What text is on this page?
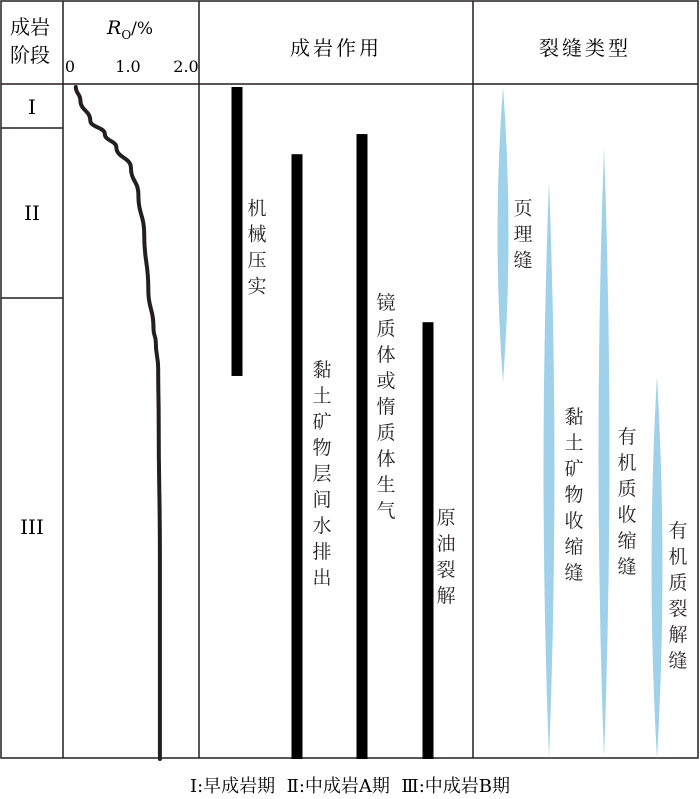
成岩
阶段
$R_O/\%$
0	1.0 2.0
成岩作用	裂缝类型
I
II
III
机
械
压
实
黏
土
矿
物
层
间
水
排
出
镜
质
体
或
惰
质
体
生
气 原
油
裂
解
页
理
缝
黏
土
矿
物
收
缩
缝
有
机
质
收
缩
缝
有
机
质
裂
解
缝
Ⅰ:早成岩期  Ⅱ:中成岩A期  Ⅲ:中成岩B期
